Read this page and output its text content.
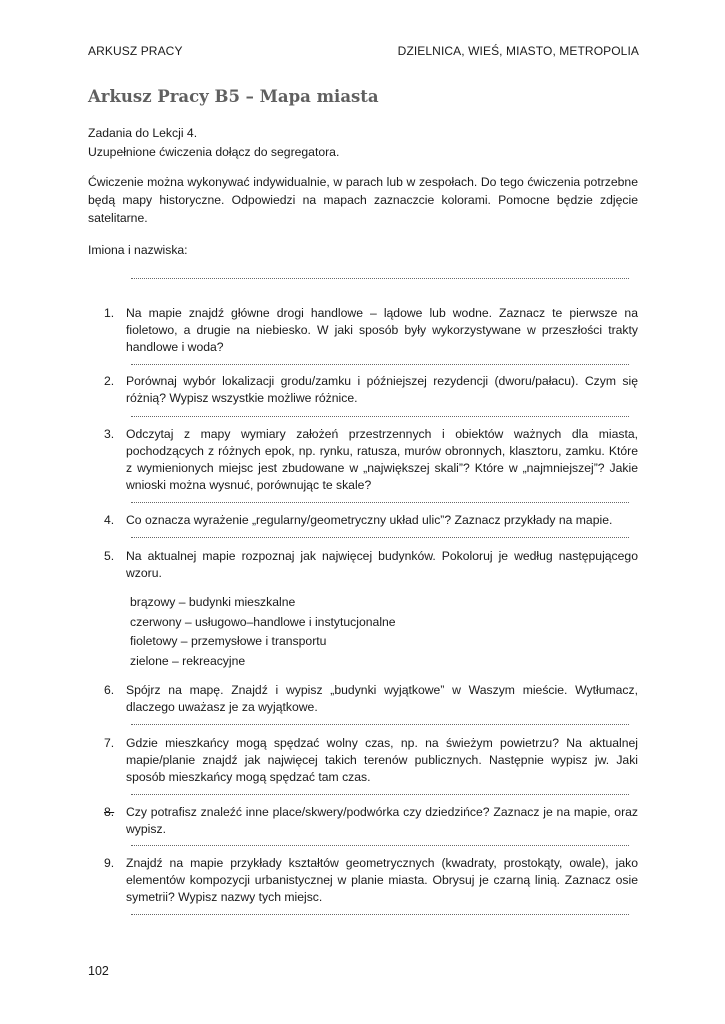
ARKUSZ PRACY	DZIELNICA, WIEŚ, MIASTO, METROPOLIA
Arkusz Pracy B5 – Mapa miasta

Zadania do Lekcji 4.

Uzupełnione ćwiczenia dołącz do segregatora.

Ćwiczenie można wykonywać indywidualnie, w parach lub w zespołach. Do tego ćwiczenia potrzebne będą mapy historyczne. Odpowiedzi na mapach zaznaczcie kolorami. Pomocne będzie zdjęcie satelitarne.

Imiona i nazwiska:

1. Na mapie znajdź główne drogi handlowe – lądowe lub wodne. Zaznacz te pierwsze na fioletowo, a drugie na niebiesko. W jaki sposób były wykorzystywane w przeszłości trakty handlowe i woda?
2. Porównaj wybór lokalizacji grodu/zamku i późniejszej rezydencji (dworu/pałacu). Czym się różnią? Wypisz wszystkie możliwe różnice.
3. Odczytaj z mapy wymiary założeń przestrzennych i obiektów ważnych dla miasta, pochodzących z różnych epok, np. rynku, ratusza, murów obronnych, klasztoru, zamku. Które z wymienionych miejsc jest zbudowane w „największej skali”? Które w „najmniejszej”? Jakie wnioski można wysnuć, porównując te skale?
4. Co oznacza wyrażenie „regularny/geometryczny układ ulic”? Zaznacz przykłady na mapie.
5. Na aktualnej mapie rozpoznaj jak najwięcej budynków. Pokoloruj je według następującego wzoru.
brązowy – budynki mieszkalne
czerwony – usługowo–handlowe i instytucjonalne
fioletowy – przemysłowe i transportu
zielone – rekreacyjne
6. Spójrz na mapę. Znajdź i wypisz „budynki wyjątkowe” w Waszym mieście. Wytłumacz, dlaczego uważasz je za wyjątkowe.
7. Gdzie mieszkańcy mogą spędzać wolny czas, np. na świeżym powietrzu? Na aktualnej mapie/planie znajdź jak najwięcej takich terenów publicznych. Następnie wypisz jw. Jaki sposób mieszkańcy mogą spędzać tam czas.
8. Czy potrafisz znaleźć inne place/skwery/podwórka czy dziedzińce? Zaznacz je na mapie, oraz wypisz.
9. Znajdź na mapie przykłady kształtów geometrycznych (kwadraty, prostokąty, owale), jako elementów kompozycji urbanistycznej w planie miasta. Obrysuj je czarną linią. Zaznacz osie symetrii? Wypisz nazwy tych miejsc.
102
